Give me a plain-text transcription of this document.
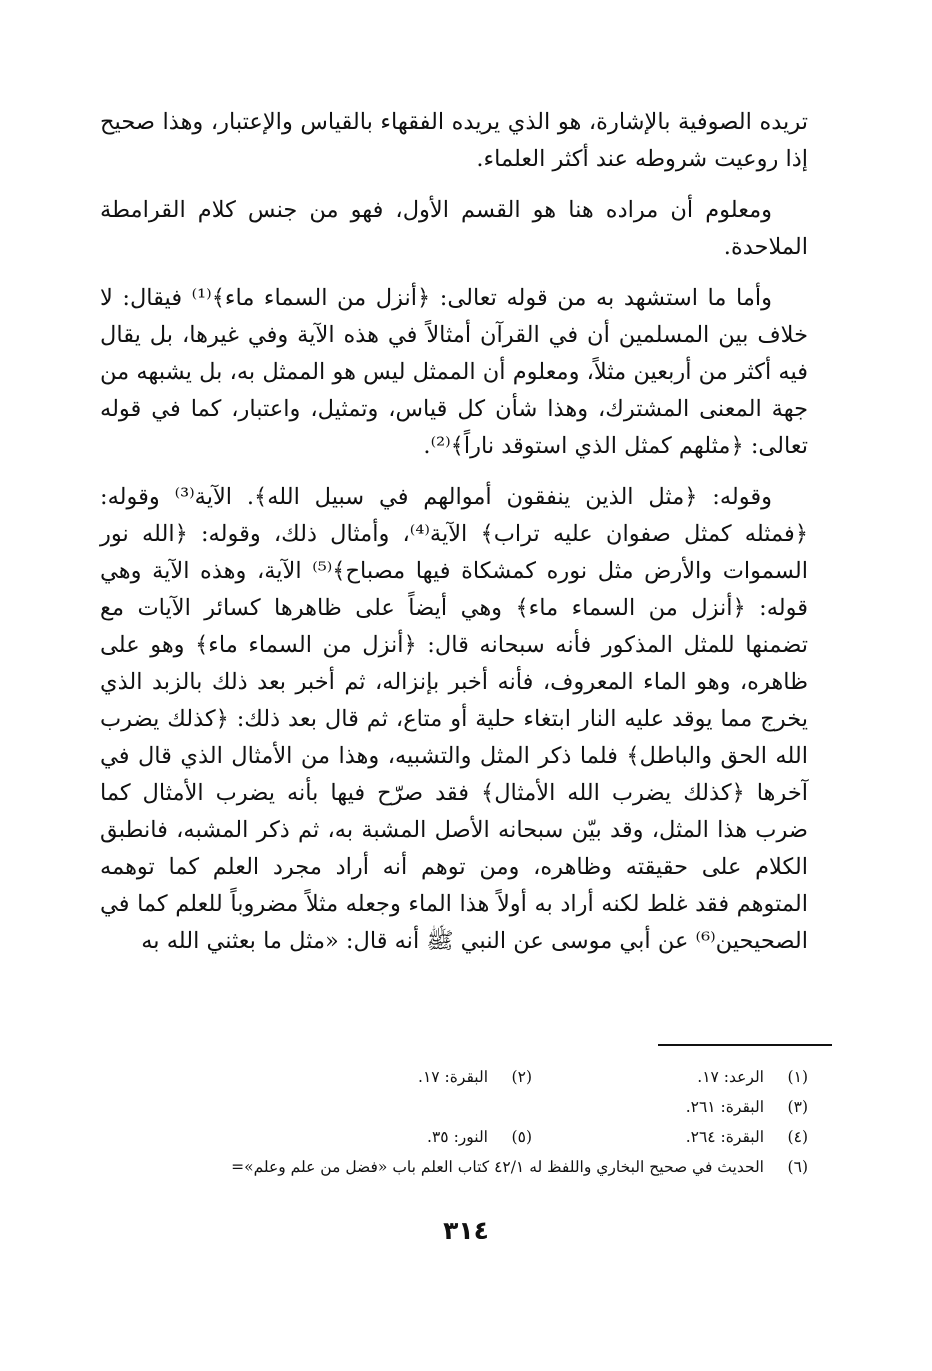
تريده الصوفية بالإشارة، هو الذي يريده الفقهاء بالقياس والإعتبار، وهذا صحيح إذا روعيت شروطه عند أكثر العلماء.

ومعلوم أن مراده هنا هو القسم الأول، فهو من جنس كلام القرامطة الملاحدة.

وأما ما استشهد به من قوله تعالى: ﴿أنزل من السماء ماء﴾⁽¹⁾ فيقال: لا خلاف بين المسلمين أن في القرآن أمثالاً في هذه الآية وفي غيرها، بل يقال فيه أكثر من أربعين مثلاً، ومعلوم أن الممثل ليس هو الممثل به، بل يشبهه من جهة المعنى المشترك، وهذا شأن كل قياس، وتمثيل، واعتبار، كما في قوله تعالى: ﴿مثلهم كمثل الذي استوقد ناراً﴾⁽²⁾.

وقوله: ﴿مثل الذين ينفقون أموالهم في سبيل الله﴾. الآية⁽³⁾ وقوله: ﴿فمثله كمثل صفوان عليه تراب﴾ الآية⁽⁴⁾، وأمثال ذلك، وقوله: ﴿الله نور السموات والأرض مثل نوره كمشكاة فيها مصباح﴾⁽⁵⁾ الآية، وهذه الآية وهي قوله: ﴿أنزل من السماء ماء﴾ وهي أيضاً على ظاهرها كسائر الآيات مع تضمنها للمثل المذكور فأنه سبحانه قال: ﴿أنزل من السماء ماء﴾ وهو على ظاهره، وهو الماء المعروف، فأنه أخبر بإنزاله، ثم أخبر بعد ذلك بالزبد الذي يخرج مما يوقد عليه النار ابتغاء حلية أو متاع، ثم قال بعد ذلك: ﴿كذلك يضرب الله الحق والباطل﴾ فلما ذكر المثل والتشبيه، وهذا من الأمثال الذي قال في آخرها ﴿كذلك يضرب الله الأمثال﴾ فقد صرّح فيها بأنه يضرب الأمثال كما ضرب هذا المثل، وقد بيّن سبحانه الأصل المشبة به، ثم ذكر المشبه، فانطبق الكلام على حقيقته وظاهره، ومن توهم أنه أراد مجرد العلم كما توهمه المتوهم فقد غلط لكنه أراد به أولاً هذا الماء وجعله مثلاً مضروباً للعلم كما في الصحيحين⁽⁶⁾ عن أبي موسى عن النبي ﷺ أنه قال: «مثل ما بعثني الله به

(١)
الرعد: ١٧.
(٢)
البقرة: ١٧.
(٣)
البقرة: ٢٦١.
(٤)
البقرة: ٢٦٤.
(٥)
النور: ٣٥.
(٦)
الحديث في صحيح البخاري واللفظ له ٤٢/١ كتاب العلم باب «فضل من علم وعلم»=
٣١٤
